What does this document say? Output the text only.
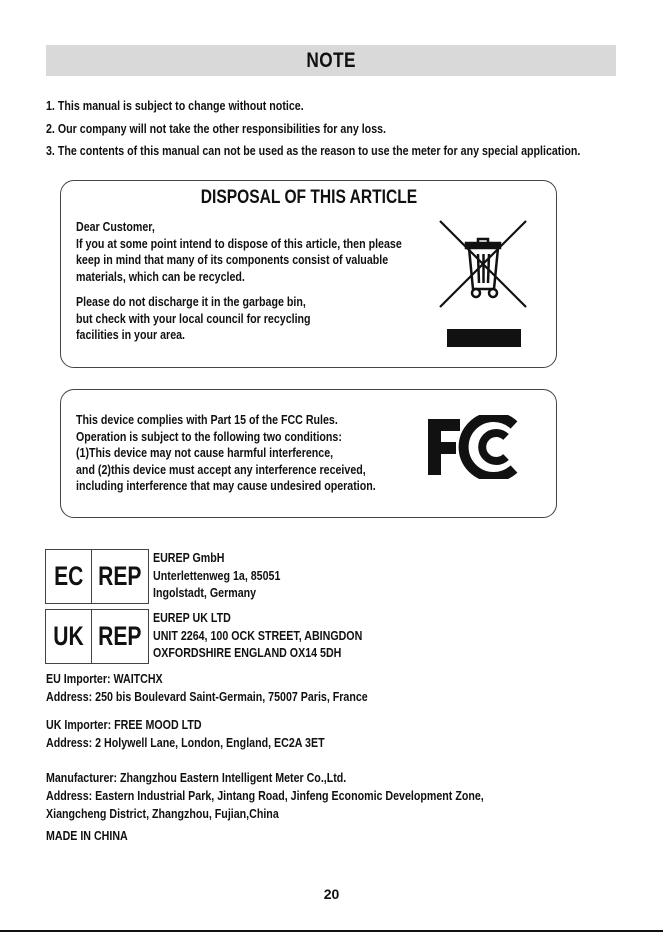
NOTE
1. This manual is subject to change without notice.
2. Our company will not take the other responsibilities for any loss.
3. The contents of this manual can not be used as the reason to use the meter for any special application.
DISPOSAL OF THIS ARTICLE
Dear Customer,
If you at some point intend to dispose of this article, then please
keep in mind that many of its components consist of valuable
materials, which can be recycled.
Please do not discharge it in the garbage bin,
but check with your local council for recycling
facilities in your area.
This device complies with Part 15 of the FCC Rules.
Operation is subject to the following two conditions:
(1)This device may not cause harmful interference,
and (2)this device must accept any interference received,
including interference that may cause undesired operation.
EC REP
EUREP GmbH
Unterlettenweg 1a, 85051
Ingolstadt, Germany
UK REP
EUREP UK LTD
UNIT 2264, 100 OCK STREET, ABINGDON
OXFORDSHIRE ENGLAND OX14 5DH
EU Importer: WAITCHX
Address: 250 bis Boulevard Saint-Germain, 75007 Paris, France
UK Importer: FREE MOOD LTD
Address: 2 Holywell Lane, London, England, EC2A 3ET
Manufacturer: Zhangzhou Eastern Intelligent Meter Co.,Ltd.
Address: Eastern Industrial Park, Jintang Road, Jinfeng Economic Development Zone,
Xiangcheng District, Zhangzhou, Fujian,China
MADE IN CHINA
20
